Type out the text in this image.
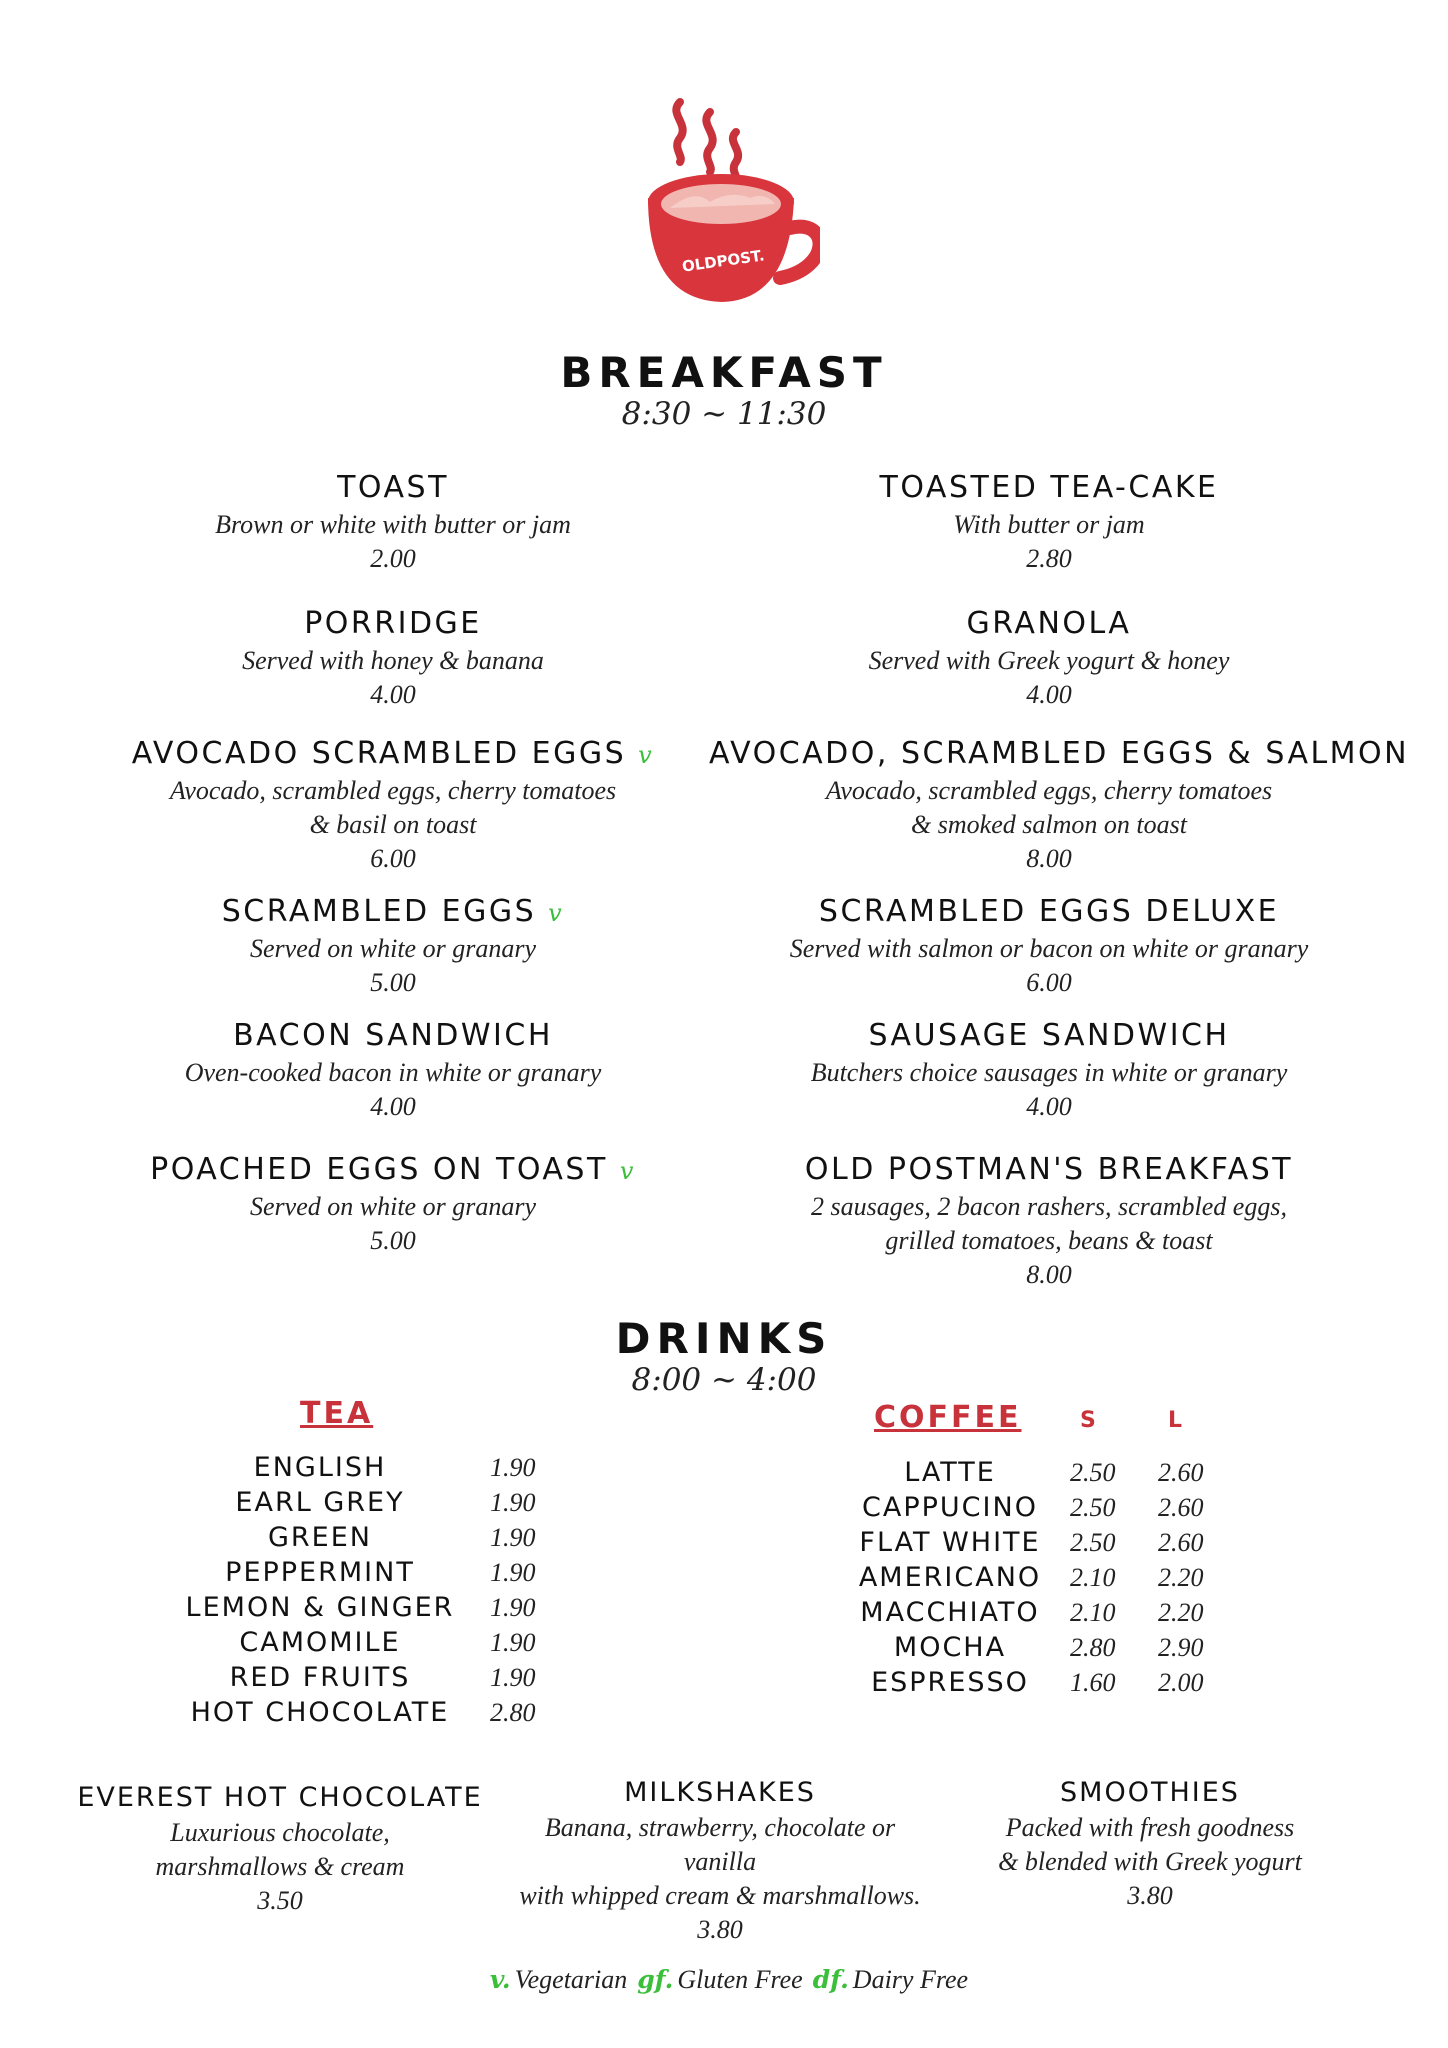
OLDPOST.
BREAKFAST
8:30 ~ 11:30
TOAST
Brown or white with butter or jam
2.00
TOASTED TEA-CAKE
With butter or jam
2.80
PORRIDGE
Served with honey & banana
4.00
GRANOLA
Served with Greek yogurt & honey
4.00
AVOCADO SCRAMBLED EGGS v
Avocado, scrambled eggs, cherry tomatoes
& basil on toast
6.00
AVOCADO, SCRAMBLED EGGS & SALMON
Avocado, scrambled eggs, cherry tomatoes
& smoked salmon on toast
8.00
SCRAMBLED EGGS v
Served on white or granary
5.00
SCRAMBLED EGGS DELUXE
Served with salmon or bacon on white or granary
6.00
BACON SANDWICH
Oven-cooked bacon in white or granary
4.00
SAUSAGE SANDWICH
Butchers choice sausages in white or granary
4.00
POACHED EGGS ON TOAST v
Served on white or granary
5.00
OLD POSTMAN'S BREAKFAST
2 sausages, 2 bacon rashers, scrambled eggs,
grilled tomatoes, beans & toast
8.00
DRINKS
8:00 ~ 4:00
TEA
ENGLISH	1.90
EARL GREY	1.90
GREEN	1.90
PEPPERMINT	1.90
LEMON & GINGER	1.90
CAMOMILE	1.90
RED FRUITS	1.90
HOT CHOCOLATE	2.80
COFFEE	S	L
LATTE	2.50 2.60
CAPPUCINO	2.50 2.60
FLAT WHITE	2.50 2.60
AMERICANO	2.10 2.20
MACCHIATO	2.10 2.20
MOCHA	2.80 2.90
ESPRESSO	1.60 2.00
EVEREST HOT CHOCOLATE
Luxurious chocolate,
marshmallows & cream
3.50
MILKSHAKES
Banana, strawberry, chocolate or vanilla
with whipped cream & marshmallows.
3.80
SMOOTHIES
Packed with fresh goodness
& blended with Greek yogurt
3.80
v. Vegetarian gf. Gluten Free df. Dairy Free
